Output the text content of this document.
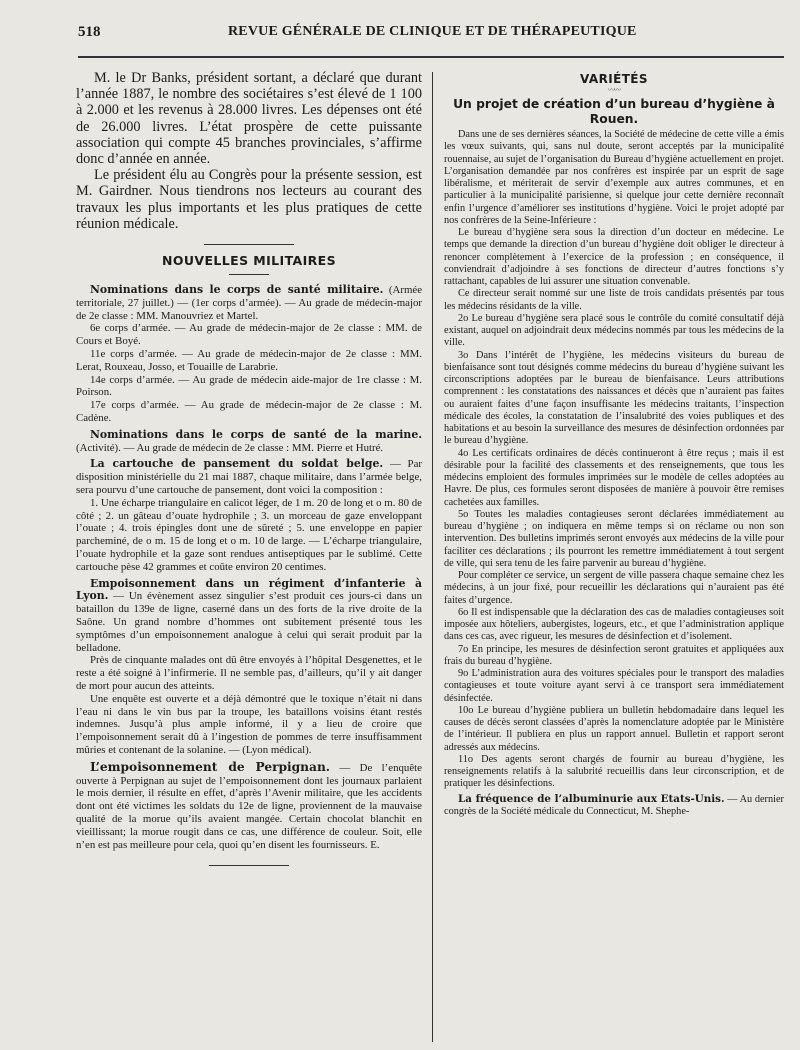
518	REVUE GÉNÉRALE DE CLINIQUE ET DE THÉRAPEUTIQUE

M. le Dr Banks, président sortant, a déclaré que durant l’année 1887, le nombre des sociétaires s’est élevé de 1 100 à 2.000 et les revenus à 28.000 livres. Les dépenses ont été de 26.000 livres. L’état prospère de cette puissante association qui compte 45 branches provinciales, s’affirme donc d’année en année.

Le président élu au Congrès pour la présente session, est M. Gairdner. Nous tiendrons nos lecteurs au courant des travaux les plus importants et les plus pratiques de cette réunion médicale.

NOUVELLES MILITAIRES

Nominations dans le corps de santé militaire. (Armée territoriale, 27 juillet.) — (1er corps d’armée). — Au grade de médecin-major de 2e classe : MM. Manouvriez et Martel.

6e corps d’armée. — Au grade de médecin-major de 2e classe : MM. de Cours et Boyé.

11e corps d’armée. — Au grade de médecin-major de 2e classe : MM. Lerat, Rouxeau, Josso, et Touaille de Larabrie.

14e corps d’armée. — Au grade de médecin aide-major de 1re classe : M. Poirson.

17e corps d’armée. — Au grade de médecin-major de 2e classe : M. Cadène.

Nominations dans le corps de santé de la marine. (Activité). — Au grade de médecin de 2e classe : MM. Pierre et Hutré.

La cartouche de pansement du soldat belge. — Par disposition ministérielle du 21 mai 1887, chaque militaire, dans l’armée belge, sera pourvu d’une cartouche de pansement, dont voici la composition :

1. Une écharpe triangulaire en calicot léger, de 1 m. 20 de long et o m. 80 de côté ; 2. un gâteau d’ouate hydrophile ; 3. un morceau de gaze enveloppant l’ouate ; 4. trois épingles dont une de sûreté ; 5. une enveloppe en papier parcheminé, de o m. 15 de long et o m. 10 de large. — L’écharpe triangulaire, l’ouate hydrophile et la gaze sont rendues antiseptiques par le sublimé. Cette cartouche pèse 42 grammes et coûte environ 20 centimes.

Empoisonnement dans un régiment d’infanterie à Lyon. — Un évènement assez singulier s’est produit ces jours-ci dans un bataillon du 139e de ligne, caserné dans un des forts de la rive droite de la Saône. Un grand nombre d’hommes ont subitement présenté tous les symptômes d’un empoisonnement analogue à celui qui serait produit par la belladone.

Près de cinquante malades ont dû être envoyés à l’hôpital Desgenettes, et le reste a été soigné à l’infirmerie. Il ne semble pas, d’ailleurs, qu’il y ait danger de mort pour aucun des atteints.

Une enquête est ouverte et a déjà démontré que le toxique n’était ni dans l’eau ni dans le vin bus par la troupe, les bataillons voisins étant restés indemnes. Jusqu’à plus ample informé, il y a lieu de croire que l’empoisonnement serait dû à l’ingestion de pommes de terre insuffisamment mûries et contenant de la solanine. — (Lyon médical).

L’empoisonnement de Perpignan. — De l’enquête ouverte à Perpignan au sujet de l’empoisonnement dont les journaux parlaient le mois dernier, il résulte en effet, d’après l’Avenir militaire, que les accidents dont ont été victimes les soldats du 12e de ligne, proviennent de la mauvaise qualité de la morue qu’ils avaient mangée. Certain chocolat blanchit en vieillissant; la morue rougit dans ce cas, une différence de couleur. Soit, elle n’en est pas meilleure pour cela, quoi qu’en disent les fournisseurs. E.

VARIÉTÉS
〰〰
Un projet de création d’un bureau d’hygiène à Rouen.

Dans une de ses dernières séances, la Société de médecine de cette ville a émis les vœux suivants, qui, sans nul doute, seront acceptés par la municipalité rouennaise, au sujet de l’organisation du Bureau d’hygiène actuellement en projet. L’organisation demandée par nos confrères est inspirée par un esprit de sage libéralisme, et mériterait de servir d’exemple aux autres communes, et en particulier à la municipalité parisienne, si quelque jour cette dernière reconnaît enfin l’urgence d’améliorer ses institutions d’hygiène. Voici le projet adopté par nos confrères de la Seine-Inférieure :

Le bureau d’hygiène sera sous la direction d’un docteur en médecine. Le temps que demande la direction d’un bureau d’hygiène doit obliger le directeur à renoncer complètement à l’exercice de la profession ; en conséquence, il conviendrait d’adjoindre à ses fonctions de directeur d’autres fonctions s’y rattachant, capables de lui assurer une situation convenable.

Ce directeur serait nommé sur une liste de trois candidats présentés par tous les médecins résidants de la ville.

2o Le bureau d’hygiène sera placé sous le contrôle du comité consultatif déjà existant, auquel on adjoindrait deux médecins nommés par tous les médecins de la ville.

3o Dans l’intérêt de l’hygiène, les médecins visiteurs du bureau de bienfaisance sont tout désignés comme médecins du bureau d’hygiène suivant les circonscriptions adoptées par le bureau de bienfaisance. Leurs attributions comprennent : les constatations des naissances et décès que n’auraient pas faites ou auraient faites d’une façon insuffisante les médecins traitants, l’inspection médicale des écoles, la constatation de l’insalubrité des voies publiques et des habitations et au besoin la surveillance des mesures de désinfection ordonnées par le bureau d’hygiène.

4o Les certificats ordinaires de décès continueront à être reçus ; mais il est désirable pour la facilité des classements et des renseignements, que tous les médecins emploient des formules imprimées sur le modèle de celles adoptées au Havre. De plus, ces formules seront disposées de manière à pouvoir être remises cachetées aux familles.

5o Toutes les maladies contagieuses seront déclarées immédiatement au bureau d’hygiène ; on indiquera en même temps si on réclame ou non son intervention. Des bulletins imprimés seront envoyés aux médecins de la ville pour faciliter ces déclarations ; ils pourront les remettre immédiatement à tout sergent de ville, qui sera tenu de les faire parvenir au bureau d’hygiène.

Pour compléter ce service, un sergent de ville passera chaque semaine chez les médecins, à un jour fixé, pour recueillir les déclarations qui n’auraient pas été faites d’urgence.

6o Il est indispensable que la déclaration des cas de maladies contagieuses soit imposée aux hôteliers, aubergistes, logeurs, etc., et que l’administration applique dans ces cas, avec rigueur, les mesures de désinfection et d’isolement.

7o En principe, les mesures de désinfection seront gratuites et appliquées aux frais du bureau d’hygiène.

9o L’administration aura des voitures spéciales pour le transport des maladies contagieuses et toute voiture ayant servi à ce transport sera immédiatement désinfectée.

10o Le bureau d’hygiène publiera un bulletin hebdomadaire dans lequel les causes de décès seront classées d’après la nomenclature adoptée par le Ministère de l’intérieur. Il publiera en plus un rapport annuel. Bulletin et rapport seront adressés aux médecins.

11o Des agents seront chargés de fournir au bureau d’hygiène, les renseignements relatifs à la salubrité recueillis dans leur circonscription, et de pratiquer les désinfections.

La fréquence de l’albuminurie aux Etats-Unis. — Au dernier congrès de la Société médicale du Connecticut, M. Shephe-
